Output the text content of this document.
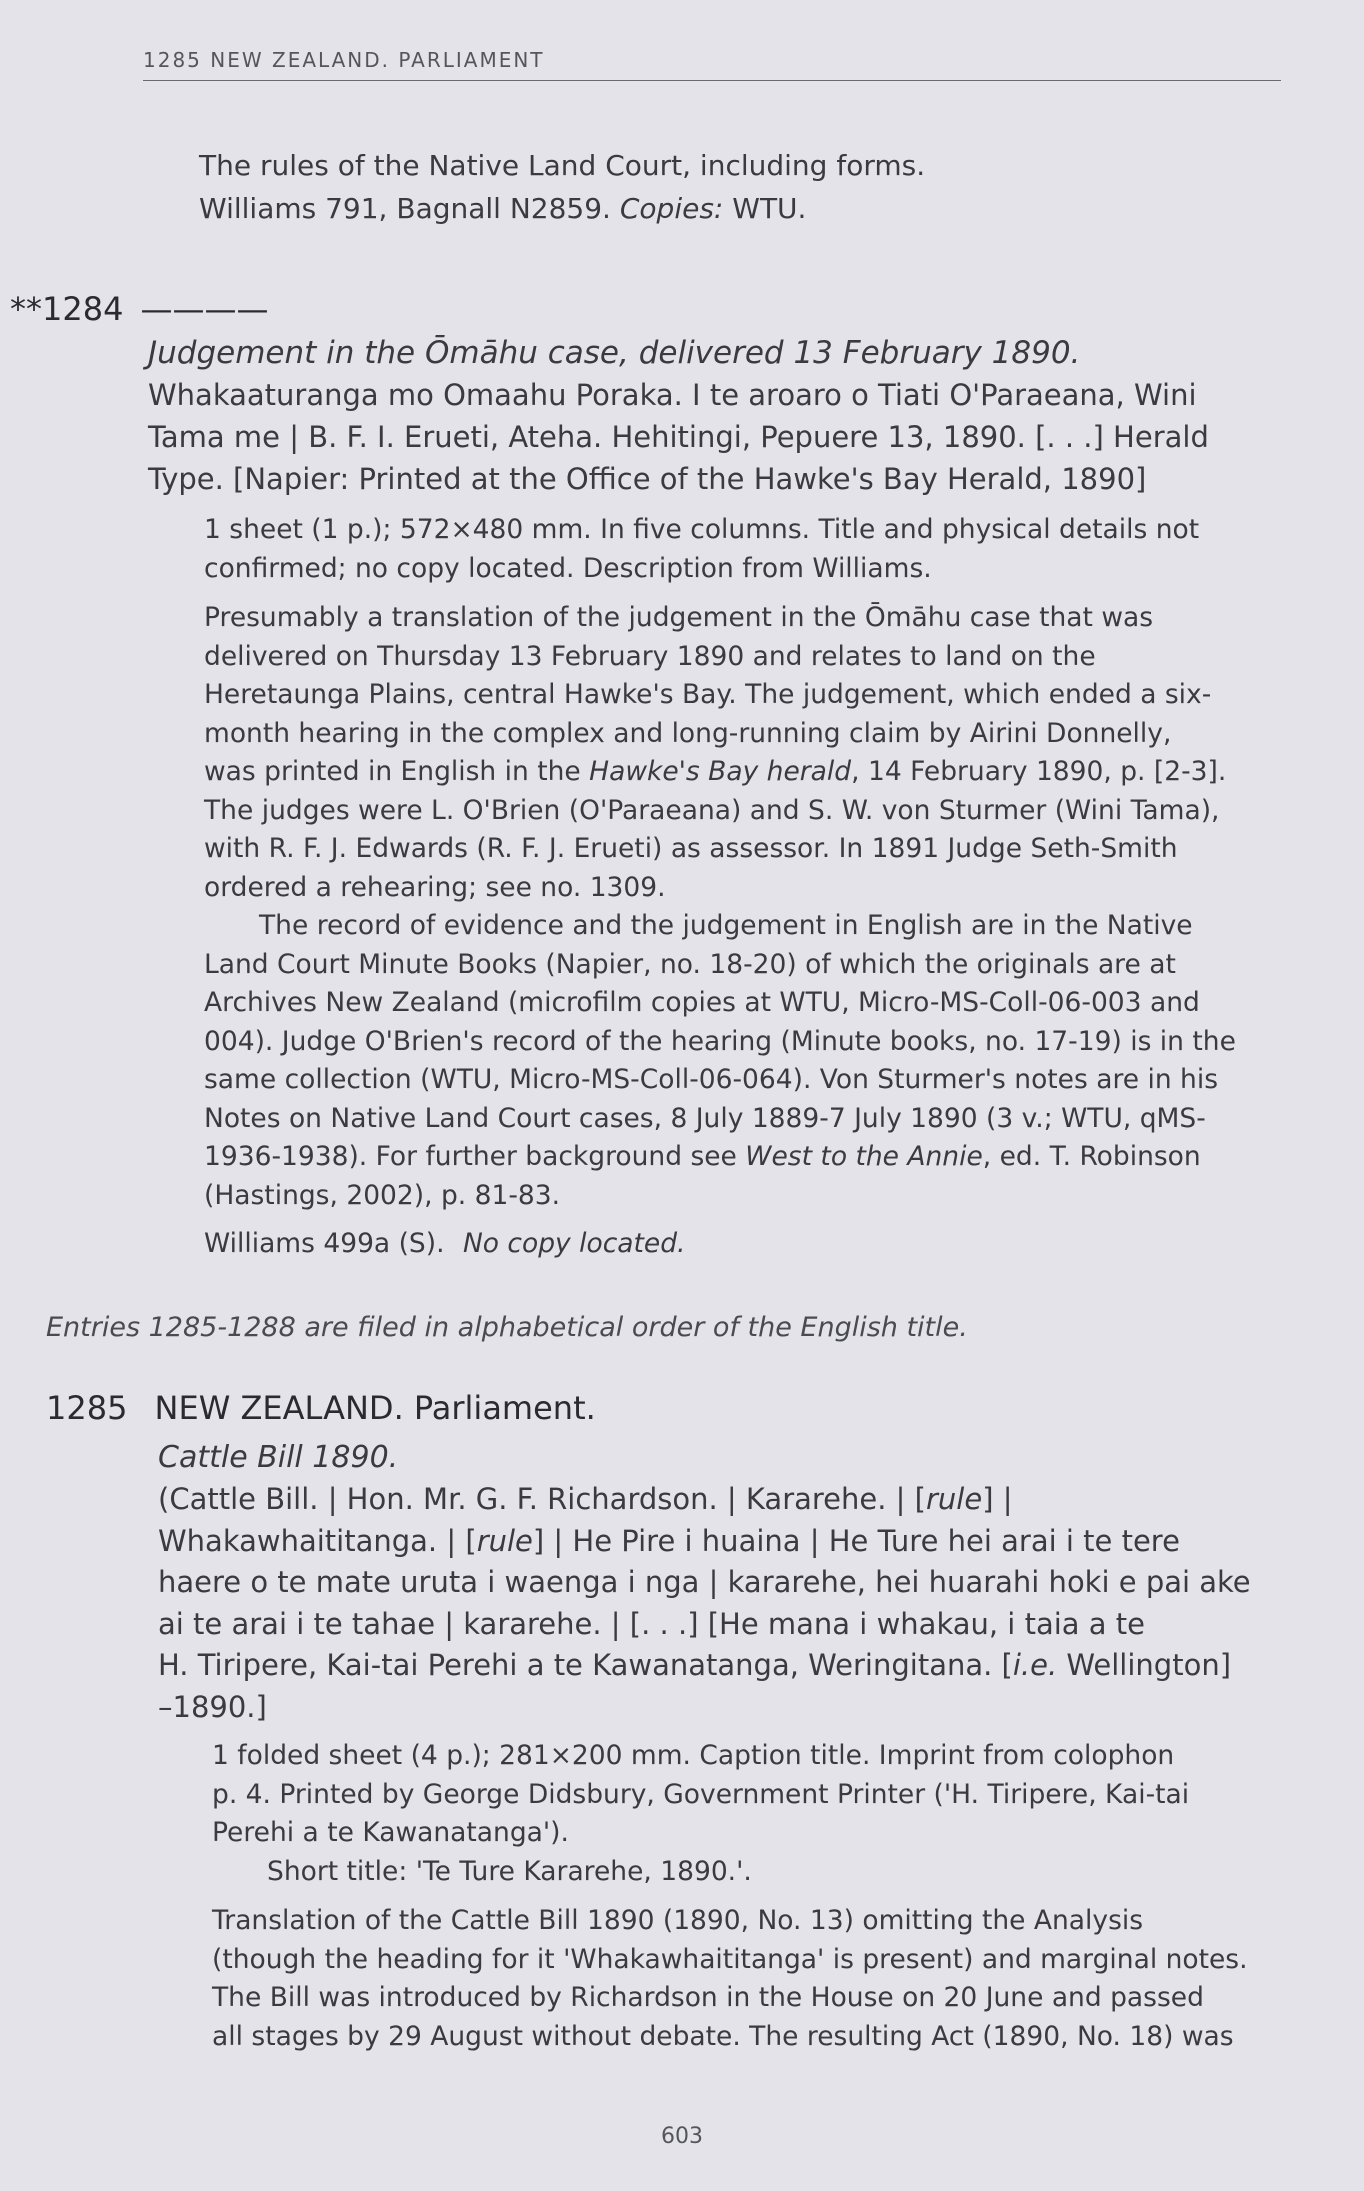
1285 NEW ZEALAND. PARLIAMENT

The rules of the Native Land Court, including forms.

Williams 791, Bagnall N2859. Copies: WTU.

**1284 ————

Judgement in the Ōmāhu case, delivered 13 February 1890.

Whakaaturanga mo Omaahu Poraka. I te aroaro o Tiati O'Paraeana, Wini

Tama me | B. F. I. Erueti, Ateha. Hehitingi, Pepuere 13, 1890. [. . .] Herald

Type. [Napier: Printed at the Office of the Hawke's Bay Herald, 1890]

1 sheet (1 p.); 572×480 mm. In five columns. Title and physical details not

confirmed; no copy located. Description from Williams.

Presumably a translation of the judgement in the Ōmāhu case that was

delivered on Thursday 13 February 1890 and relates to land on the

Heretaunga Plains, central Hawke's Bay. The judgement, which ended a six-

month hearing in the complex and long-running claim by Airini Donnelly,

was printed in English in the Hawke's Bay herald, 14 February 1890, p. [2-3].

The judges were L. O'Brien (O'Paraeana) and S. W. von Sturmer (Wini Tama),

with R. F. J. Edwards (R. F. J. Erueti) as assessor. In 1891 Judge Seth-Smith

ordered a rehearing; see no. 1309.

The record of evidence and the judgement in English are in the Native

Land Court Minute Books (Napier, no. 18-20) of which the originals are at

Archives New Zealand (microfilm copies at WTU, Micro-MS-Coll-06-003 and

004). Judge O'Brien's record of the hearing (Minute books, no. 17-19) is in the

same collection (WTU, Micro-MS-Coll-06-064). Von Sturmer's notes are in his

Notes on Native Land Court cases, 8 July 1889-7 July 1890 (3 v.; WTU, qMS-

1936-1938). For further background see West to the Annie, ed. T. Robinson

(Hastings, 2002), p. 81-83.

Williams 499a (S). No copy located.

Entries 1285-1288 are filed in alphabetical order of the English title.
1285 NEW ZEALAND. Parliament.

Cattle Bill 1890.

(Cattle Bill. | Hon. Mr. G. F. Richardson. | Kararehe. | [rule] |

Whakawhaititanga. | [rule] | He Pire i huaina | He Ture hei arai i te tere

haere o te mate uruta i waenga i nga | kararehe, hei huarahi hoki e pai ake

ai te arai i te tahae | kararehe. | [. . .] [He mana i whakau, i taia a te

H. Tiripere, Kai-tai Perehi a te Kawanatanga, Weringitana. [i.e. Wellington]

–1890.]

1 folded sheet (4 p.); 281×200 mm. Caption title. Imprint from colophon

p. 4. Printed by George Didsbury, Government Printer ('H. Tiripere, Kai-tai

Perehi a te Kawanatanga').

Short title: 'Te Ture Kararehe, 1890.'.

Translation of the Cattle Bill 1890 (1890, No. 13) omitting the Analysis

(though the heading for it 'Whakawhaititanga' is present) and marginal notes.

The Bill was introduced by Richardson in the House on 20 June and passed

all stages by 29 August without debate. The resulting Act (1890, No. 18) was

603
